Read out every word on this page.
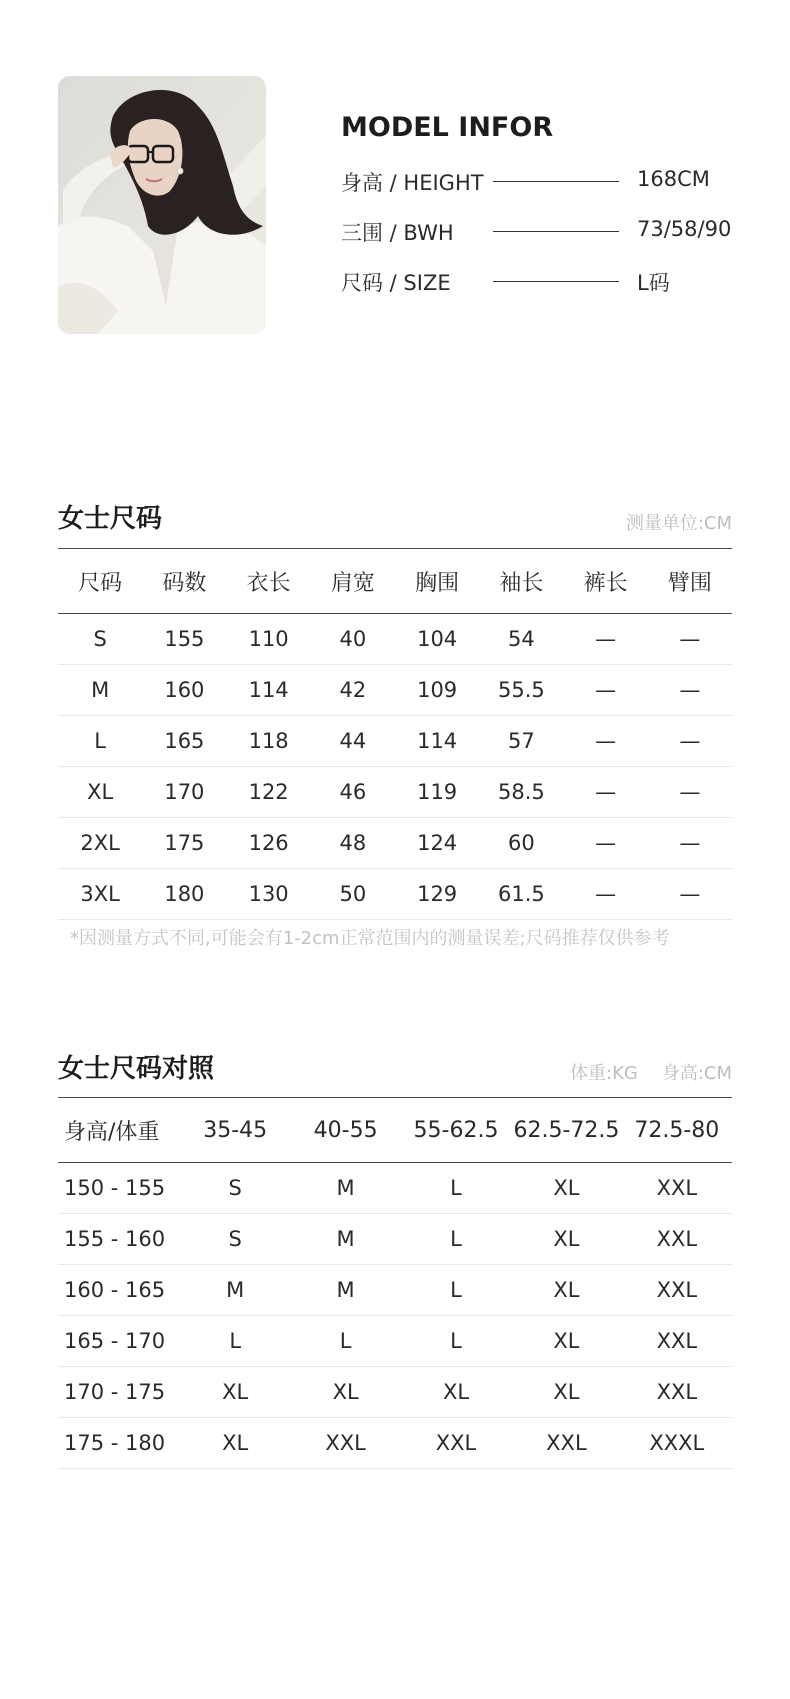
MODEL INFOR
身高 / HEIGHT	168CM
三围 / BWH	73/58/90
尺码 / SIZE	L码
女士尺码	测量单位:CM
尺码	码数	衣长	肩宽	胸围	袖长	裤长	臂围
S	155	110	40	104	54	—	—
M	160	114	42	109	55.5	—	—
L	165	118	44	114	57	—	—
XL	170	122	46	119	58.5	—	—
2XL	175	126	48	124	60	—	—
3XL	180	130	50	129	61.5	—	—
*因测量方式不同,可能会有1-2cm正常范围内的测量误差;尺码推荐仅供参考
女士尺码对照	体重:KG 身高:CM
身高/体重	35-45	40-55	55-62.5 62.5-72.5 72.5-80
150 - 155	S	M	L	XL	XXL
155 - 160	S	M	L	XL	XXL
160 - 165	M	M	L	XL	XXL
165 - 170	L	L	L	XL	XXL
170 - 175	XL	XL	XL	XL	XXL
175 - 180	XL	XXL	XXL	XXL	XXXL
